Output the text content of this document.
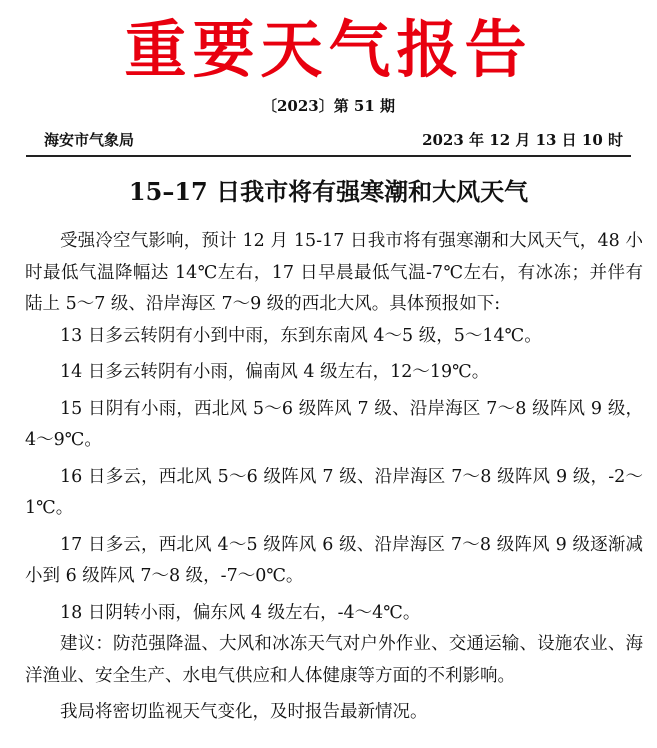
重要天气报告
〔2023〕第 51 期
海安市气象局	2023 年 12 月 13 日 10 时
15–17 日我市将有强寒潮和大风天气

受强冷空气影响，预计 12 月 15-17 日我市将有强寒潮和大风天气，48 小时最低气温降幅达 14℃左右，17 日早晨最低气温-7℃左右，有冰冻；并伴有陆上 5～7 级、沿岸海区 7～9 级的西北大风。具体预报如下:

13 日多云转阴有小到中雨，东到东南风 4～5 级，5～14℃。

14 日多云转阴有小雨，偏南风 4 级左右，12～19℃。

15 日阴有小雨，西北风 5～6 级阵风 7 级、沿岸海区 7～8 级阵风 9 级，4～9℃。

16 日多云，西北风 5～6 级阵风 7 级、沿岸海区 7～8 级阵风 9 级，-2～1℃。

17 日多云，西北风 4～5 级阵风 6 级、沿岸海区 7～8 级阵风 9 级逐渐减小到 6 级阵风 7～8 级，-7～0℃。

18 日阴转小雨，偏东风 4 级左右，-4～4℃。

建议：防范强降温、大风和冰冻天气对户外作业、交通运输、设施农业、海洋渔业、安全生产、水电气供应和人体健康等方面的不利影响。

我局将密切监视天气变化，及时报告最新情况。
